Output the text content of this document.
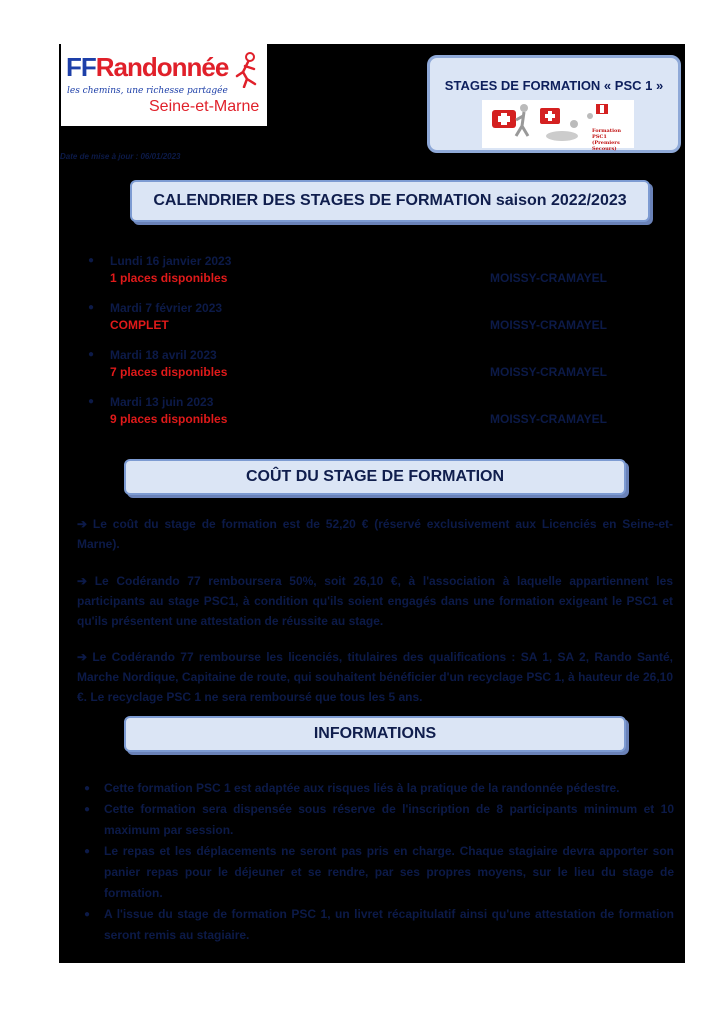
FFRandonnée
les chemins, une richesse partagée
Seine-et-Marne
STAGES DE FORMATION « PSC 1 »
Formation PSC1
(Premiers Secours)
Date de mise à jour : 06/01/2023
CALENDRIER DES STAGES DE FORMATION saison 2022/2023
● Lundi 16 janvier 2023
1 places disponibles	MOISSY-CRAMAYEL
● Mardi 7 février 2023
COMPLET	MOISSY-CRAMAYEL
● Mardi 18 avril 2023
7 places disponibles	MOISSY-CRAMAYEL
● Mardi 13 juin 2023
9 places disponibles	MOISSY-CRAMAYEL
COÛT DU STAGE DE FORMATION
➔ Le coût du stage de formation est de 52,20 € (réservé exclusivement aux Licenciés en Seine-et-Marne).
➔ Le Codérando 77 remboursera 50%, soit 26,10 €, à l'association à laquelle appartiennent les participants au stage PSC1, à condition qu'ils soient engagés dans une formation exigeant le PSC1 et qu'ils présentent une attestation de réussite au stage.
➔ Le Codérando 77 rembourse les licenciés, titulaires des qualifications : SA 1, SA 2, Rando Santé, Marche Nordique, Capitaine de route, qui souhaitent bénéficier d'un recyclage PSC 1, à hauteur de 26,10 €. Le recyclage PSC 1 ne sera remboursé que tous les 5 ans.
INFORMATIONS
● Cette formation PSC 1 est adaptée aux risques liés à la pratique de la randonnée pédestre.
● Cette formation sera dispensée sous réserve de l'inscription de 8 participants minimum et 10 maximum par session.
● Le repas et les déplacements ne seront pas pris en charge. Chaque stagiaire devra apporter son panier repas pour le déjeuner et se rendre, par ses propres moyens, sur le lieu du stage de formation.
● A l'issue du stage de formation PSC 1, un livret récapitulatif ainsi qu'une attestation de formation seront remis au stagiaire.
